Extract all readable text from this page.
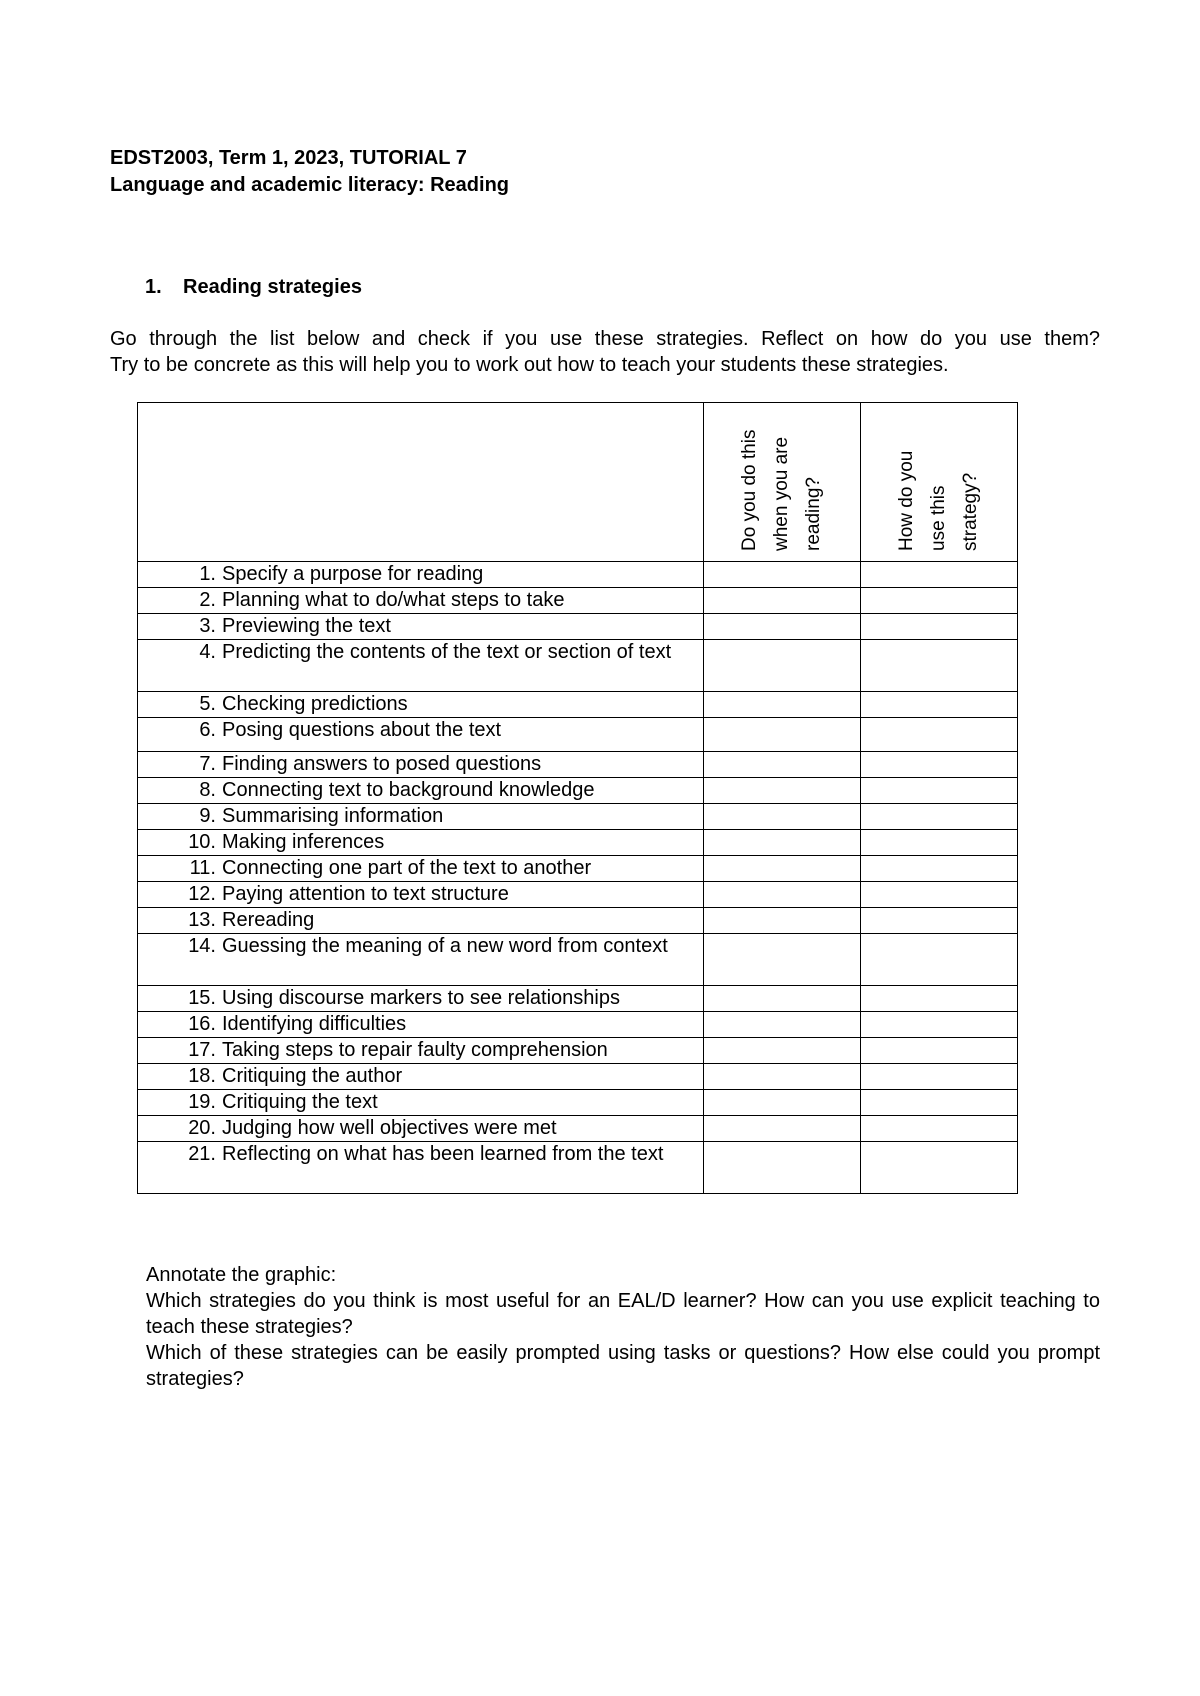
EDST2003, Term 1, 2023, TUTORIAL 7
Language and academic literacy: Reading
1. Reading strategies

Go through the list below and check if you use these strategies. Reflect on how do you use them?

Try to be concrete as this will help you to work out how to teach your students these strategies.

	Do you do this when you are reading?	How do you use this strategy?

1. Specify a purpose for reading		

2. Planning what to do/what steps to take		

3. Previewing the text		

4. Predicting the contents of the text or section of text		

5. Checking predictions		

6. Posing questions about the text		

7. Finding answers to posed questions		

8. Connecting text to background knowledge		

9. Summarising information		

10. Making inferences		

11. Connecting one part of the text to another		

12. Paying attention to text structure		

13. Rereading		

14. Guessing the meaning of a new word from context		

15. Using discourse markers to see relationships		

16. Identifying difficulties		

17. Taking steps to repair faulty comprehension		

18. Critiquing the author		

19. Critiquing the text		

20. Judging how well objectives were met		

21. Reflecting on what has been learned from the text		

Annotate the graphic:

Which strategies do you think is most useful for an EAL/D learner? How can you use explicit teaching to teach these strategies?

Which of these strategies can be easily prompted using tasks or questions? How else could you prompt strategies?
